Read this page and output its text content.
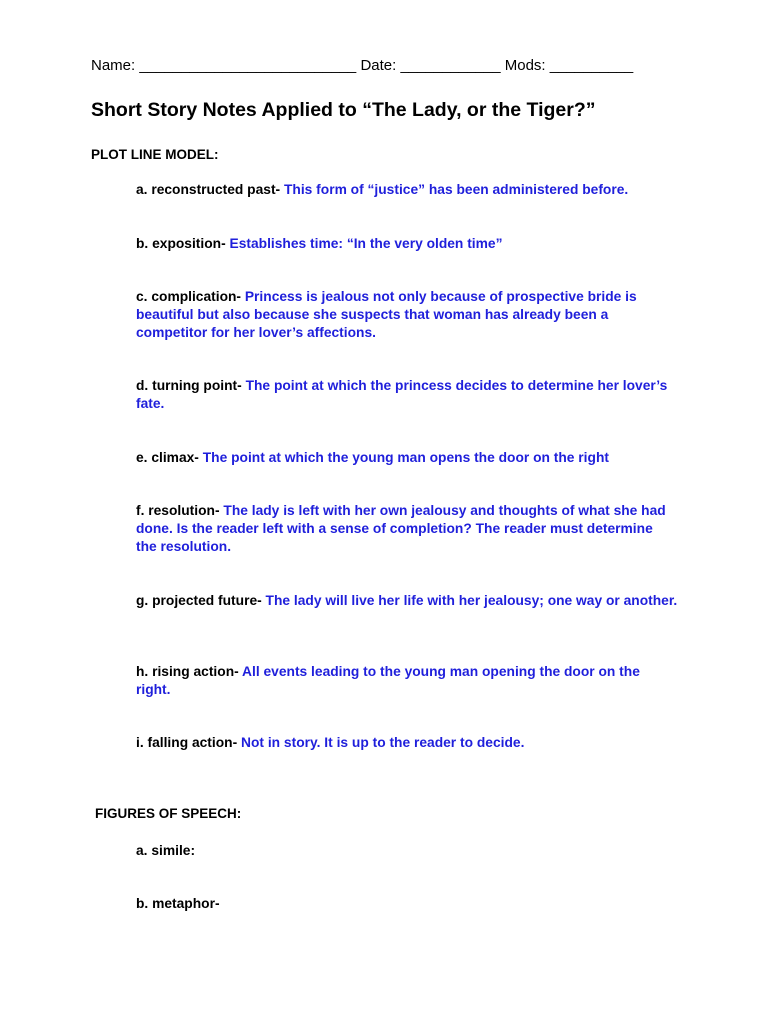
Name: __________________________ Date: ____________ Mods: __________
Short Story Notes Applied to “The Lady, or the Tiger?”
PLOT LINE MODEL:
a. reconstructed past- This form of “justice” has been administered before.
b. exposition- Establishes time: “In the very olden time”
c. complication- Princess is jealous not only because of prospective bride is beautiful but also because she suspects that woman has already been a competitor for her lover’s affections.
d. turning point- The point at which the princess decides to determine her lover’s fate.
e. climax- The point at which the young man opens the door on the right
f. resolution- The lady is left with her own jealousy and thoughts of what she had done. Is the reader left with a sense of completion? The reader must determine the resolution.
g. projected future- The lady will live her life with her jealousy; one way or another.
h. rising action- All events leading to the young man opening the door on the right.
i. falling action- Not in story. It is up to the reader to decide.
FIGURES OF SPEECH:
a. simile:
b. metaphor-
